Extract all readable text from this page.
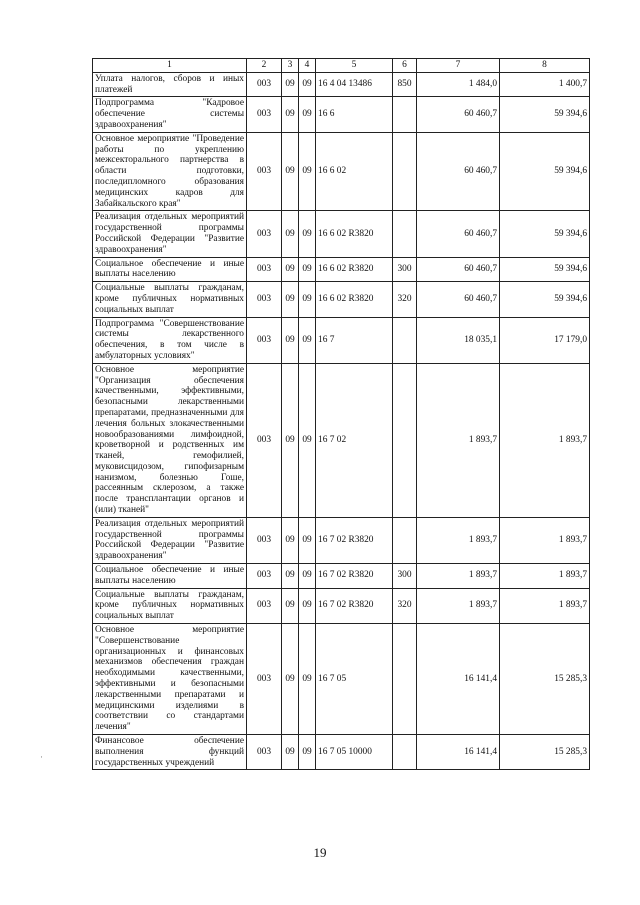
1	2	3	4	5	6	7	8
Уплата налогов, сборов и иных платежей	003	09	09	16 4 04 13486	850	1 484,0	1 400,7
Подпрограмма "Кадровое обеспечение системы здравоохранения"	003	09	09	16 6		60 460,7	59 394,6
Основное мероприятие "Проведение работы по укреплению межсекторального партнерства в области подготовки, последипломного образования медицинских кадров для Забайкальского края"	003	09	09	16 6 02		60 460,7	59 394,6
Реализация отдельных мероприятий государственной программы Российской Федерации "Развитие здравоохранения"	003	09	09	16 6 02 R3820		60 460,7	59 394,6
Социальное обеспечение и иные выплаты населению	003	09	09	16 6 02 R3820	300	60 460,7	59 394,6
Социальные выплаты гражданам, кроме публичных нормативных социальных выплат	003	09	09	16 6 02 R3820	320	60 460,7	59 394,6
Подпрограмма "Совершенствование системы лекарственного обеспечения, в том числе в амбулаторных условиях"	003	09	09	16 7		18 035,1	17 179,0
Основное мероприятие "Организация обеспечения качественными, эффективными, безопасными лекарственными препаратами, предназначенными для лечения больных злокачественными новообразованиями лимфоидной, кроветворной и родственных им тканей, гемофилией, муковисцидозом, гипофизарным нанизмом, болезнью Гоше, рассеянным склерозом, а также после трансплантации органов и (или) тканей"	003	09	09	16 7 02		1 893,7	1 893,7
Реализация отдельных мероприятий государственной программы Российской Федерации "Развитие здравоохранения"	003	09	09	16 7 02 R3820		1 893,7	1 893,7
Социальное обеспечение и иные выплаты населению	003	09	09	16 7 02 R3820	300	1 893,7	1 893,7
Социальные выплаты гражданам, кроме публичных нормативных социальных выплат	003	09	09	16 7 02 R3820	320	1 893,7	1 893,7
Основное мероприятие "Совершенствование организационных и финансовых механизмов обеспечения граждан необходимыми качественными, эффективными и безопасными лекарственными препаратами и медицинскими изделиями в соответствии со стандартами лечения"	003	09	09	16 7 05		16 141,4	15 285,3
Финансовое обеспечение выполнения функций государственных учреждений	003	09	09	16 7 05 10000		16 141,4	15 285,3
·
19
